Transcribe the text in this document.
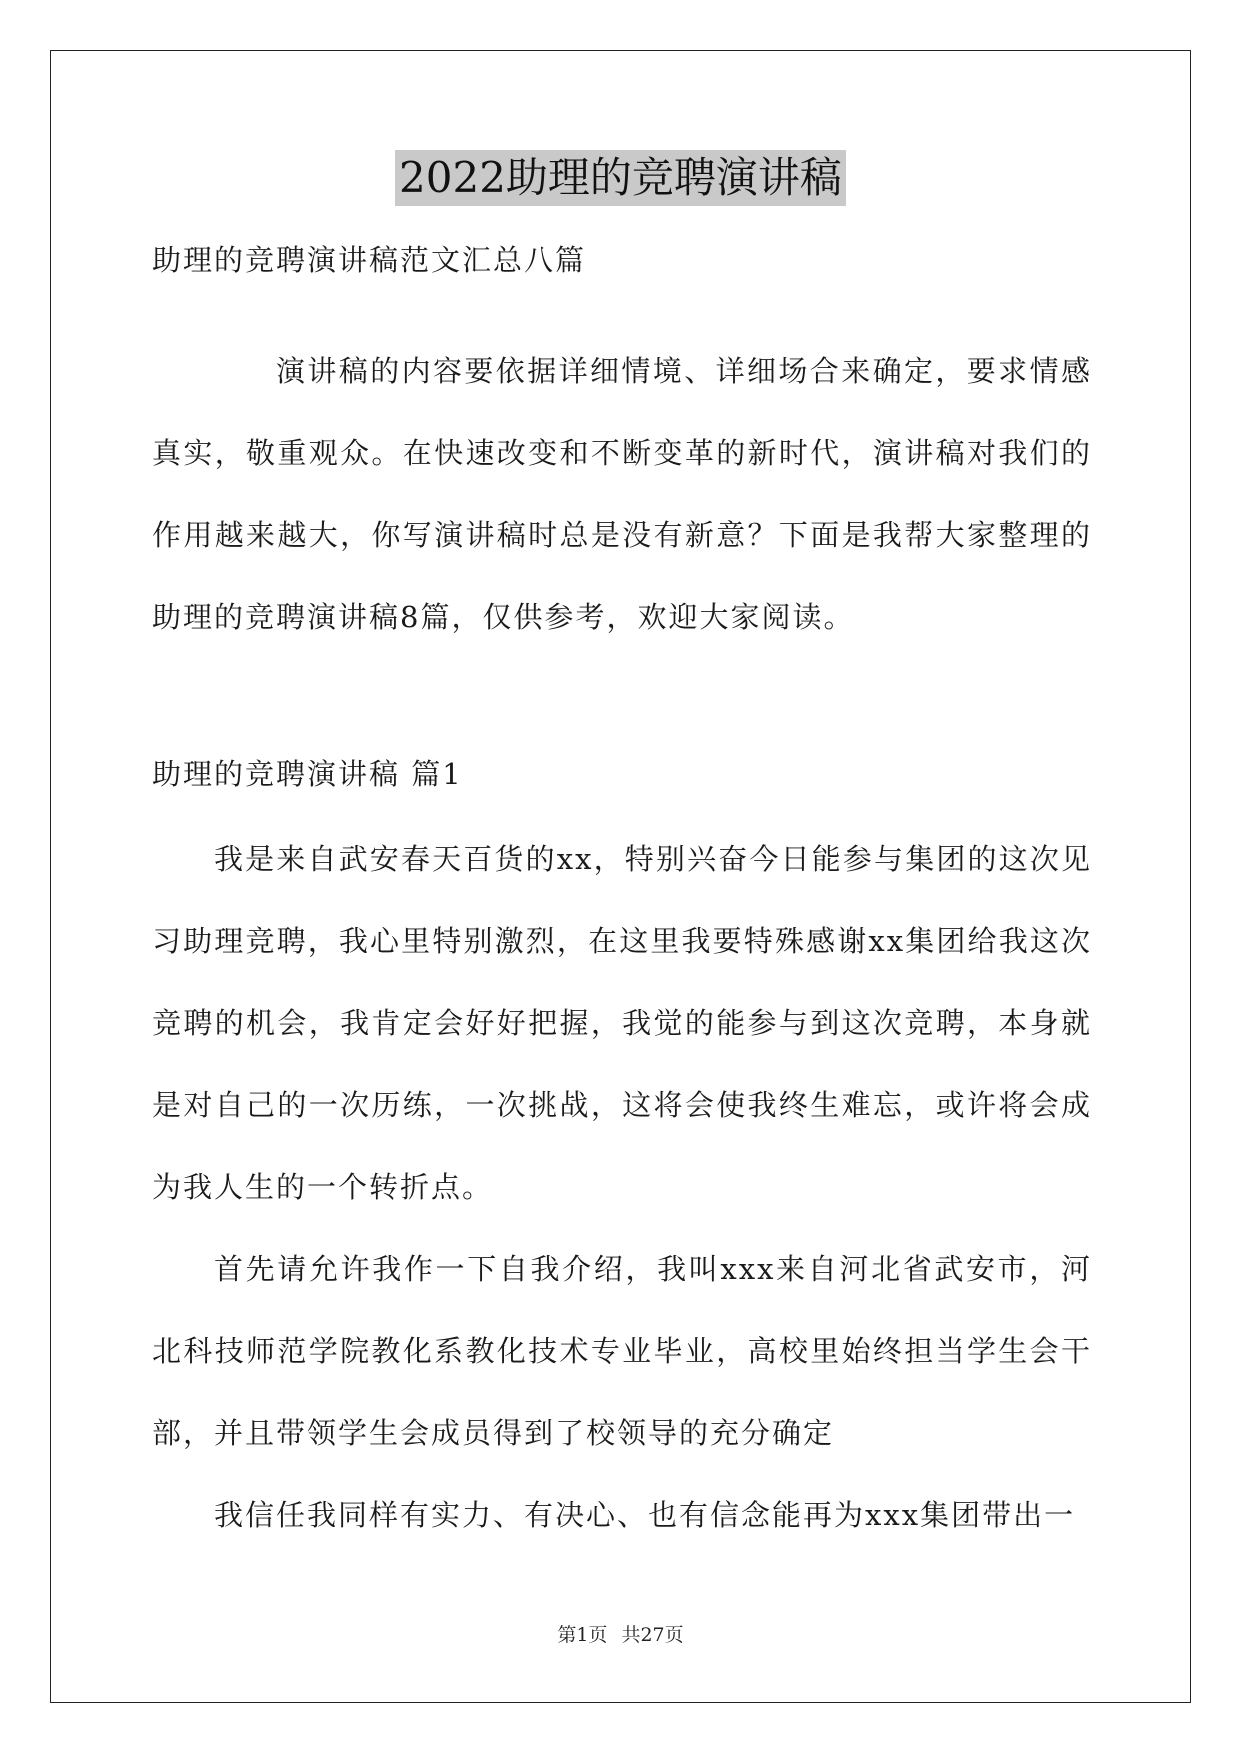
2022助理的竞聘演讲稿
助理的竞聘演讲稿范文汇总八篇

演讲稿的内容要依据详细情境、详细场合来确定，要求情感真实，敬重观众。在快速改变和不断变革的新时代，演讲稿对我们的作用越来越大，你写演讲稿时总是没有新意？下面是我帮大家整理的助理的竞聘演讲稿8篇，仅供参考，欢迎大家阅读。

助理的竞聘演讲稿 篇1

我是来自武安春天百货的xx，特别兴奋今日能参与集团的这次见习助理竞聘，我心里特别激烈，在这里我要特殊感谢xx集团给我这次竞聘的机会，我肯定会好好把握，我觉的能参与到这次竞聘，本身就是对自己的一次历练，一次挑战，这将会使我终生难忘，或许将会成为我人生的一个转折点。

首先请允许我作一下自我介绍，我叫xxx来自河北省武安市，河北科技师范学院教化系教化技术专业毕业，高校里始终担当学生会干部，并且带领学生会成员得到了校领导的充分确定

我信任我同样有实力、有决心、也有信念能再为xxx集团带出一

第1页 共27页
